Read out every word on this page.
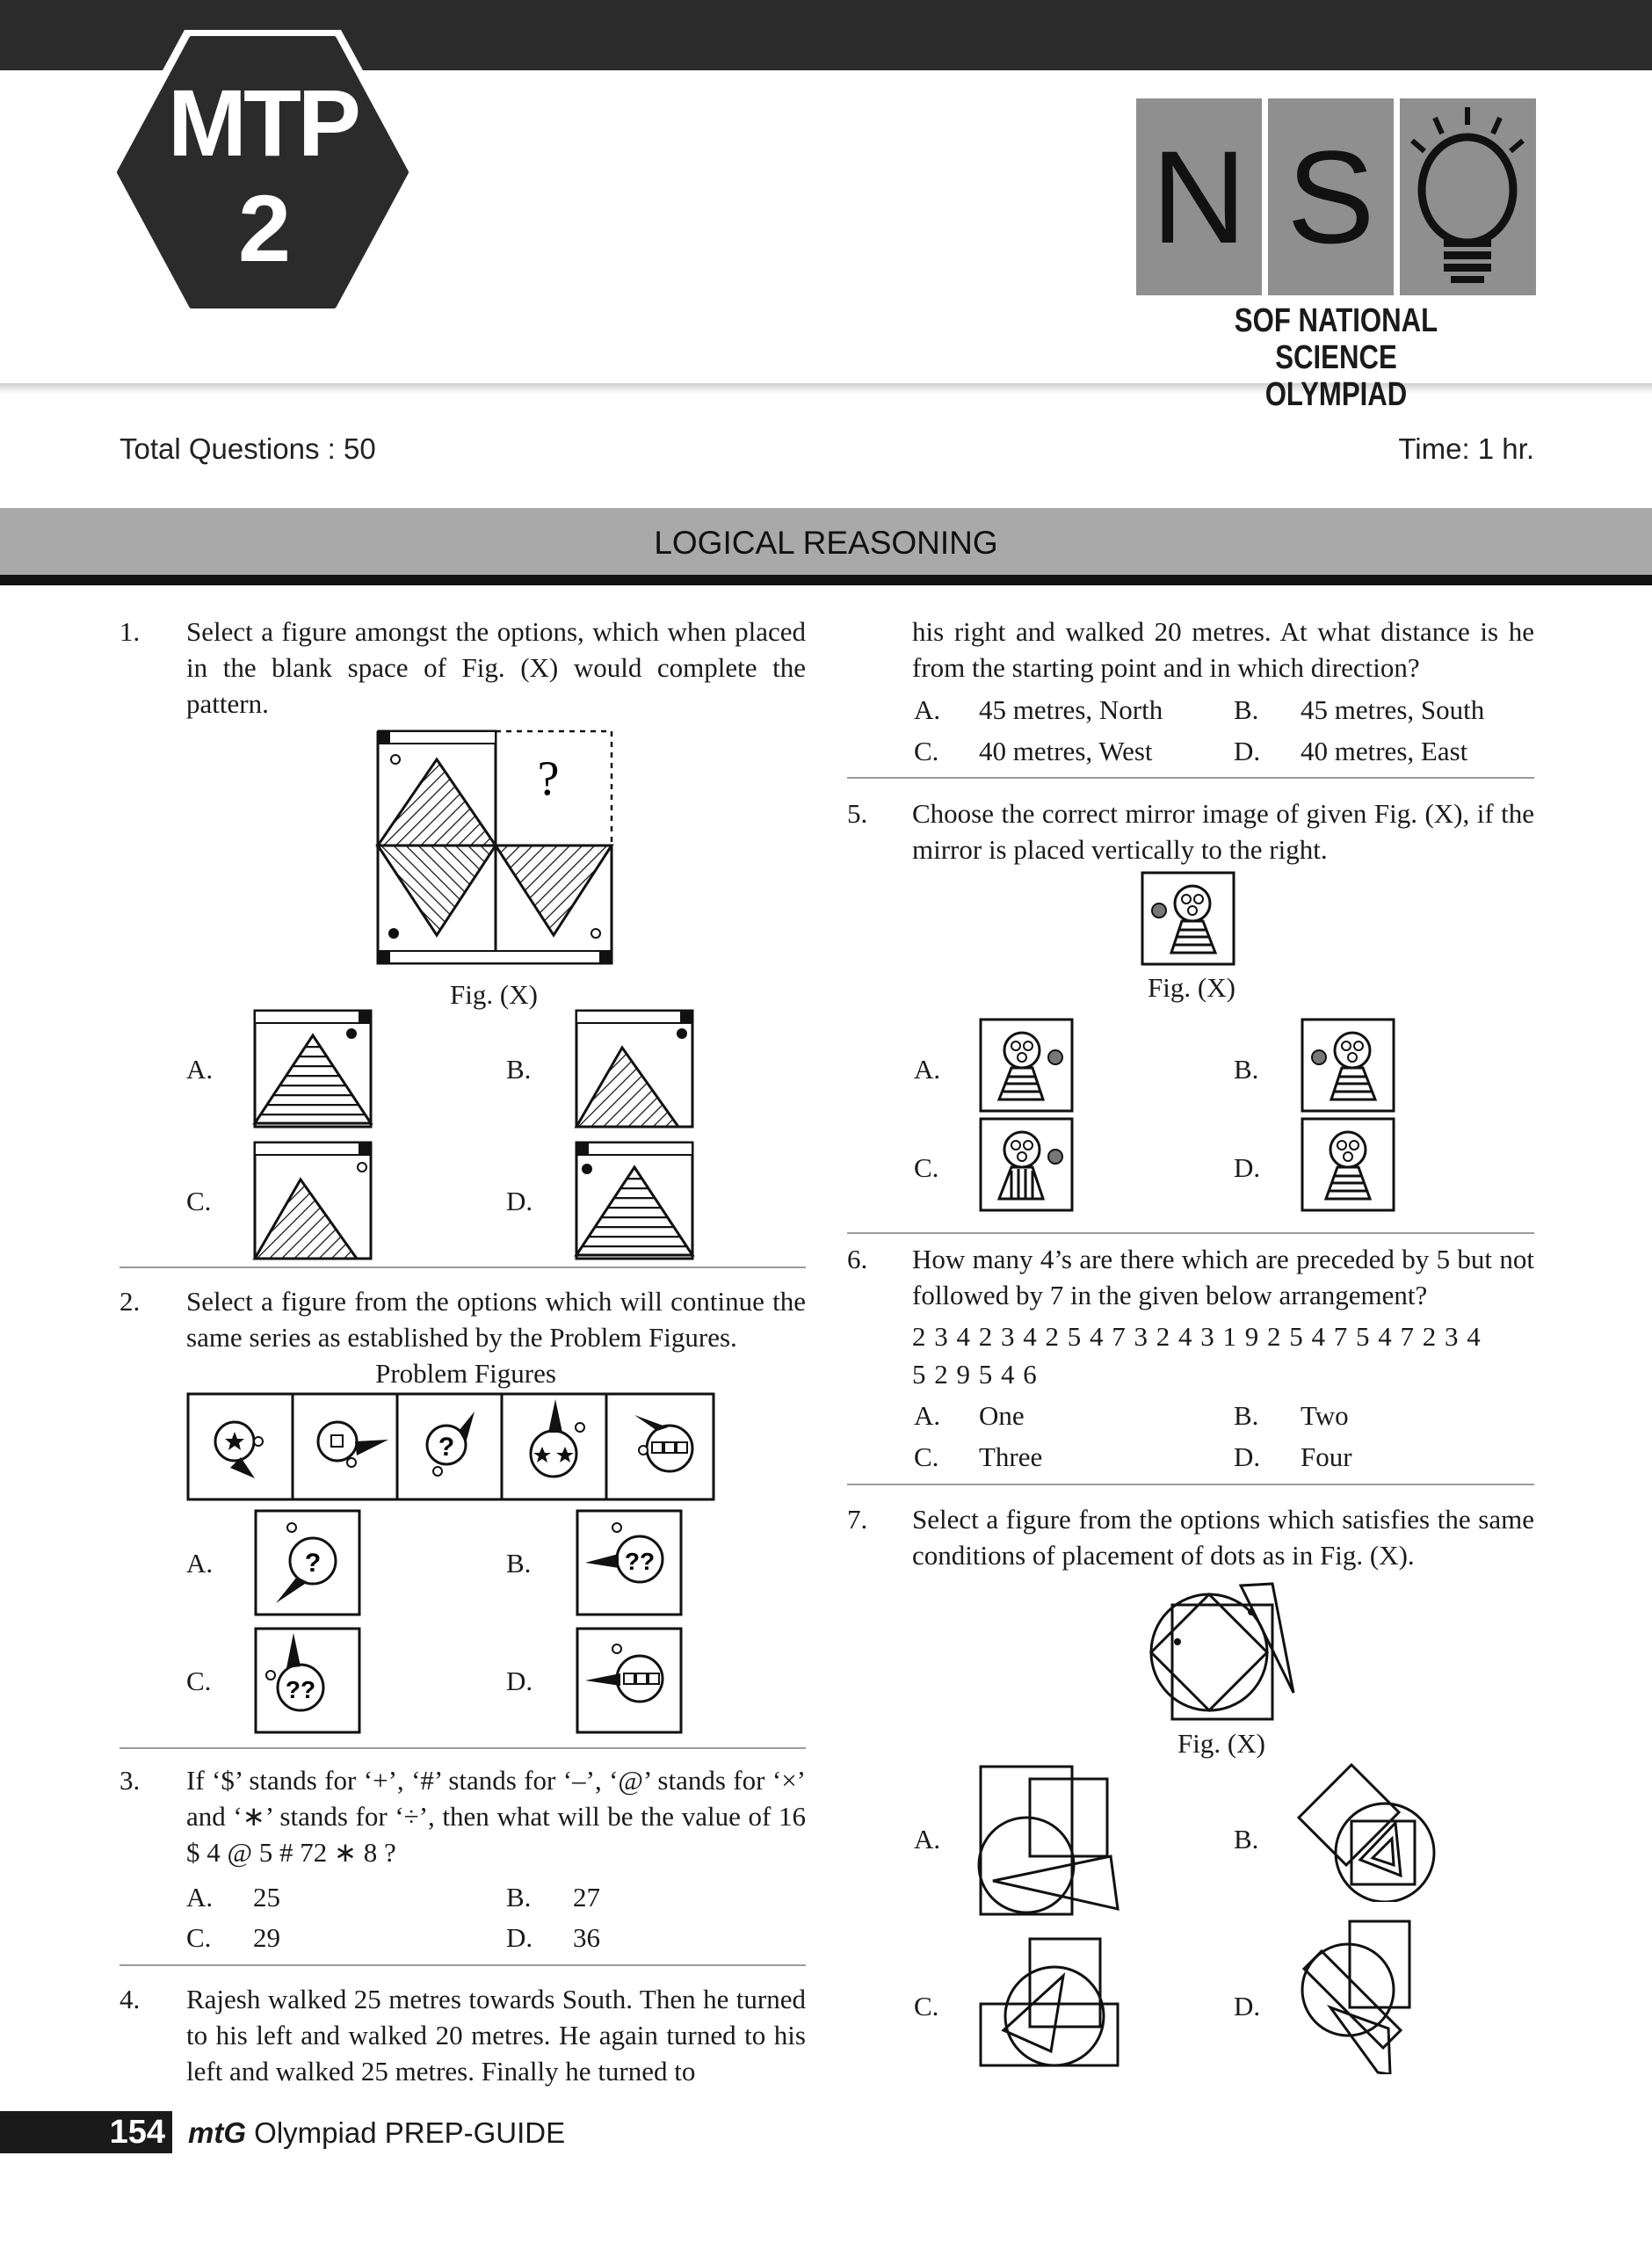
MTP
2	N S
SOF NATIONAL SCIENCE
OLYMPIAD
Total Questions : 50	Time: 1 hr.
LOGICAL REASONING
1. Select a figure amongst the options, which when placed in the blank space of Fig. (X) would complete the pattern.
?
Fig. (X)
A.	B.
C.	D.
2. Select a figure from the options which will continue the same series as established by the Problem Figures.
Problem Figures
?
A.	?	B.	??
C.	??	D.
3. If ‘$’ stands for ‘+’, ‘#’ stands for ‘–’, ‘@’ stands for ‘×’ and ‘∗’ stands for ‘÷’, then what will be the value of 16 $ 4 @ 5 # 72 ∗ 8 ?
A. 25	B. 27
C. 29	D. 36
4. Rajesh walked 25 metres towards South. Then he turned to his left and walked 20 metres. He again turned to his left and walked 25 metres. Finally he turned to
his right and walked 20 metres. At what distance is he from the starting point and in which direction?
A. 45 metres, North	B. 45 metres, South
C. 40 metres, West	D. 40 metres, East
5. Choose the correct mirror image of given Fig. (X), if the mirror is placed vertically to the right.
Fig. (X)
A.	B.
C.	D.
6. How many 4’s are there which are preceded by 5 but not followed by 7 in the given below arrangement?
2 3 4 2 3 4 2 5 4 7 3 2 4 3 1 9 2 5 4 7 5 4 7 2 3 4
5 2 9 5 4 6
A. One	B. Two
C. Three	D. Four
7. Select a figure from the options which satisfies the same conditions of placement of dots as in Fig. (X).
Fig. (X)
A.	B.
C.	D.
154 mtG Olympiad PREP-GUIDE
